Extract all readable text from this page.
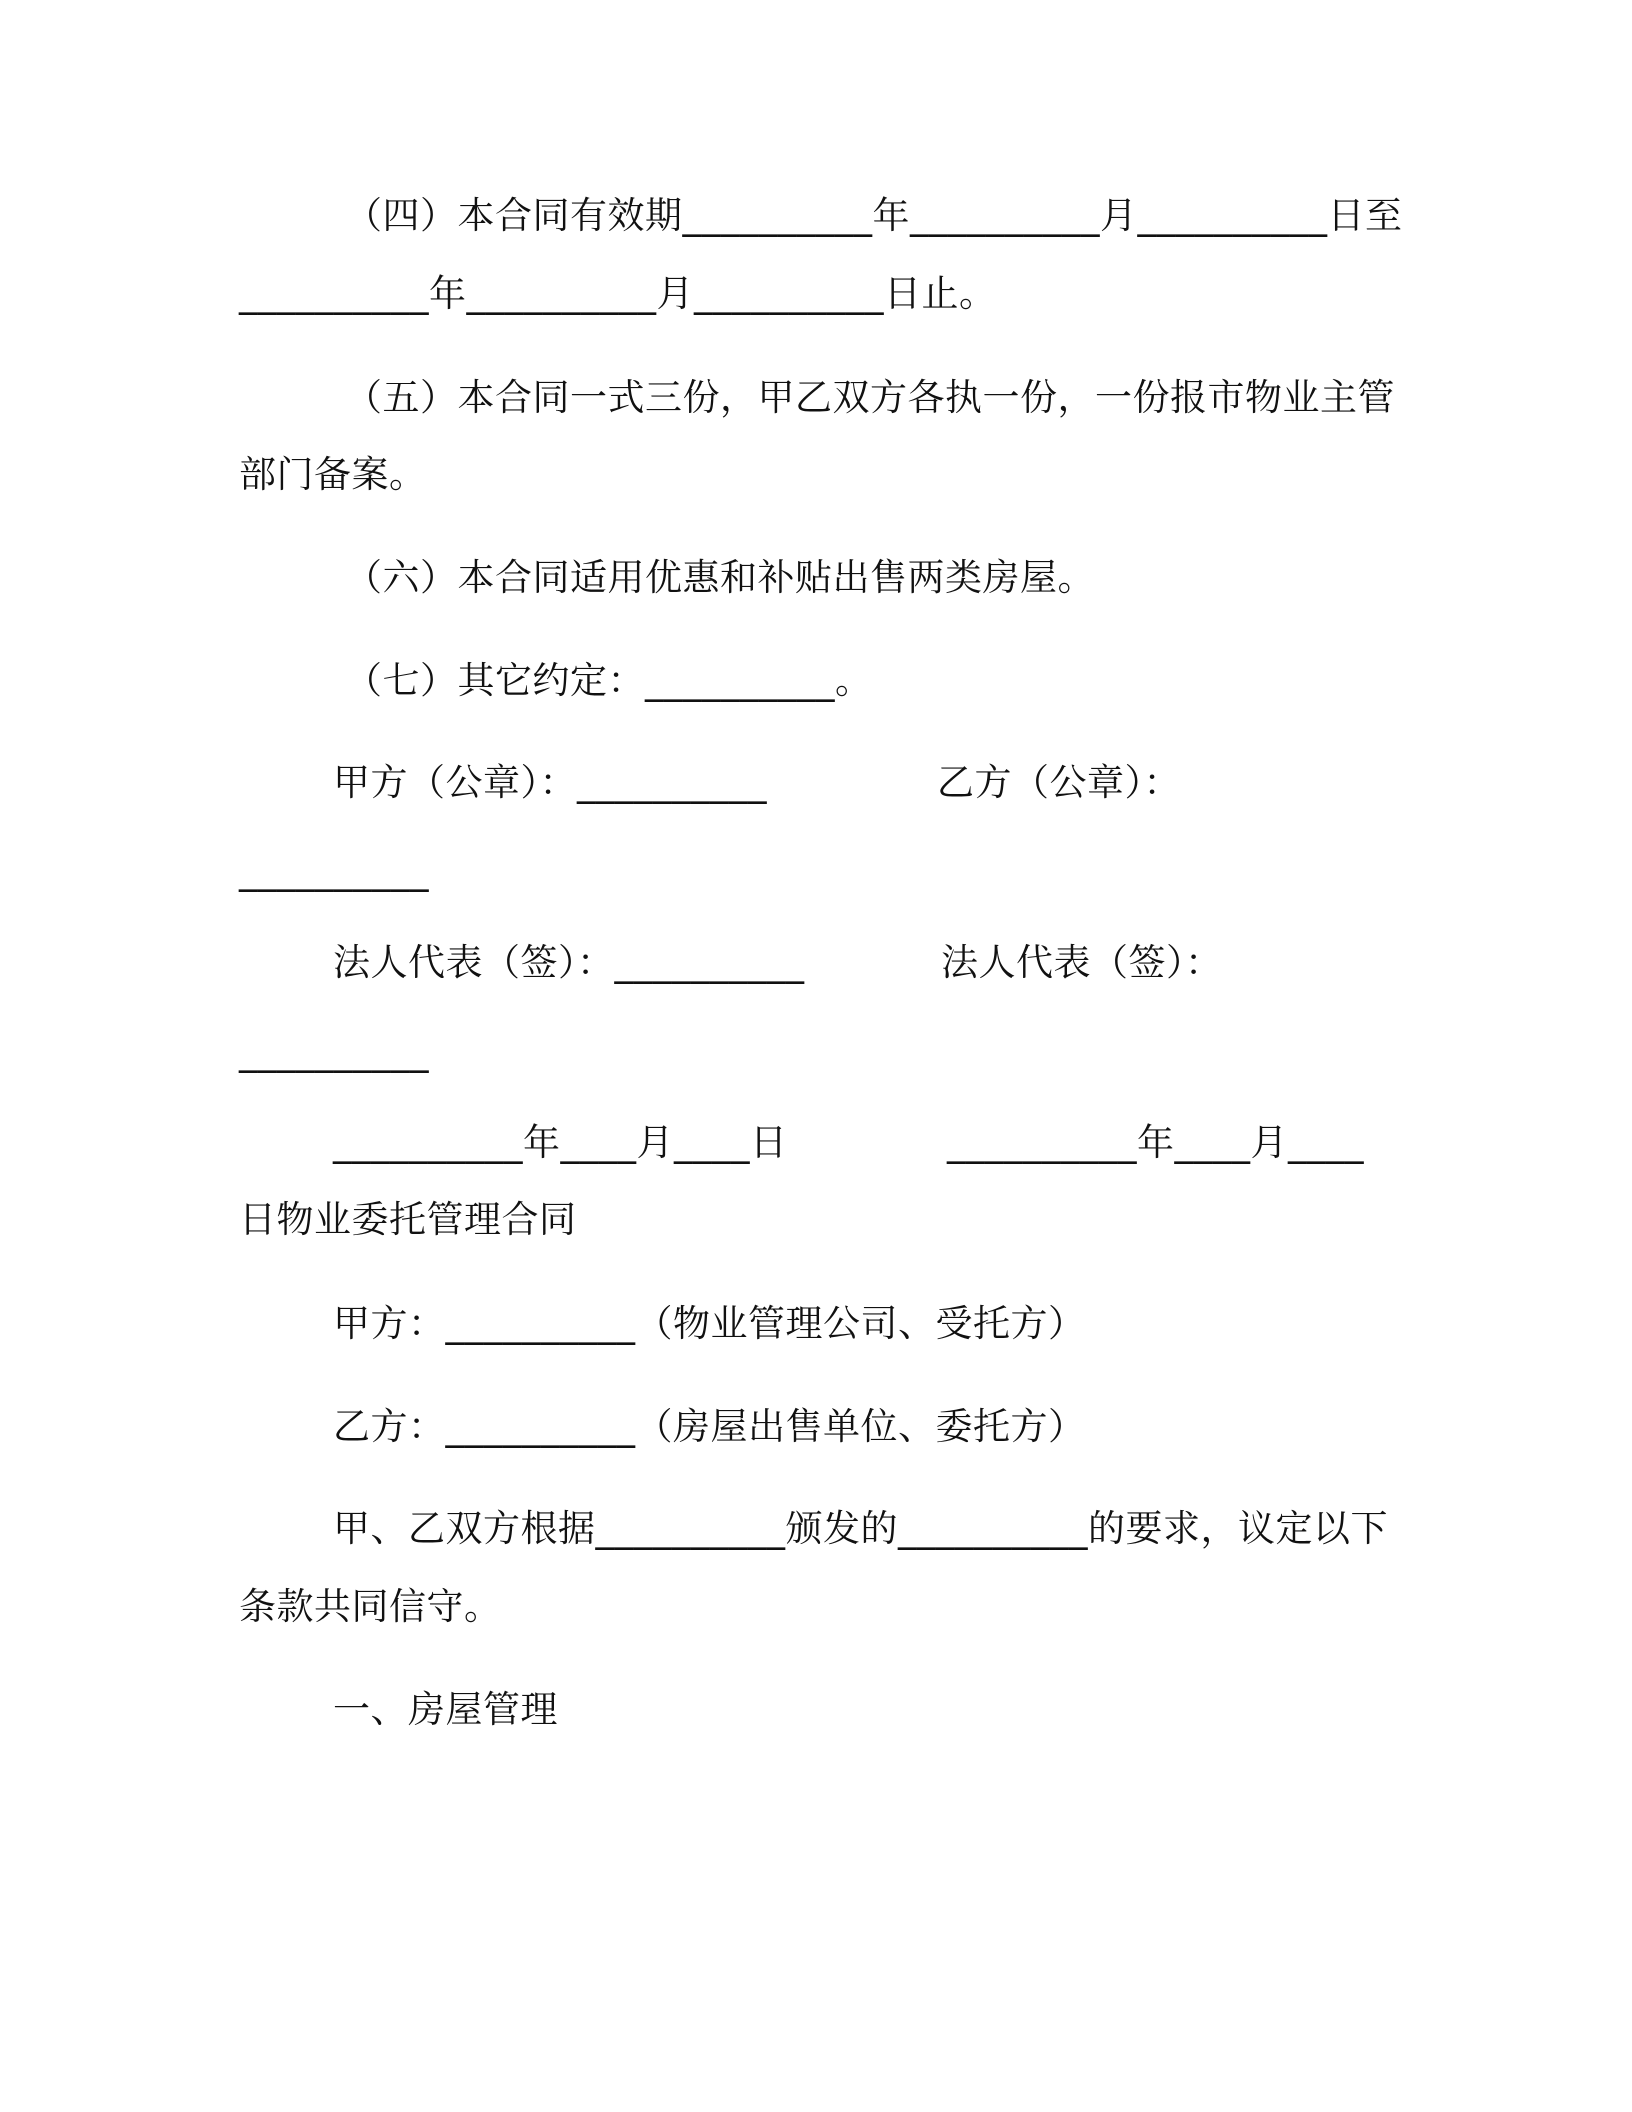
（四）本合同有效期__________年__________月__________日至

__________年__________月__________日止。

（五）本合同一式三份，甲乙双方各执一份，一份报市物业主管

部门备案。

（六）本合同适用优惠和补贴出售两类房屋。

（七）其它约定：__________。

甲方（公章）：__________	乙方（公章）：

__________

法人代表（签）：__________	法人代表（签）：

__________

__________年____月____日	__________年____月____

日物业委托管理合同

甲方：__________（物业管理公司、受托方）

乙方：__________（房屋出售单位、委托方）

甲、乙双方根据__________颁发的__________的要求，议定以下

条款共同信守。

一、房屋管理
